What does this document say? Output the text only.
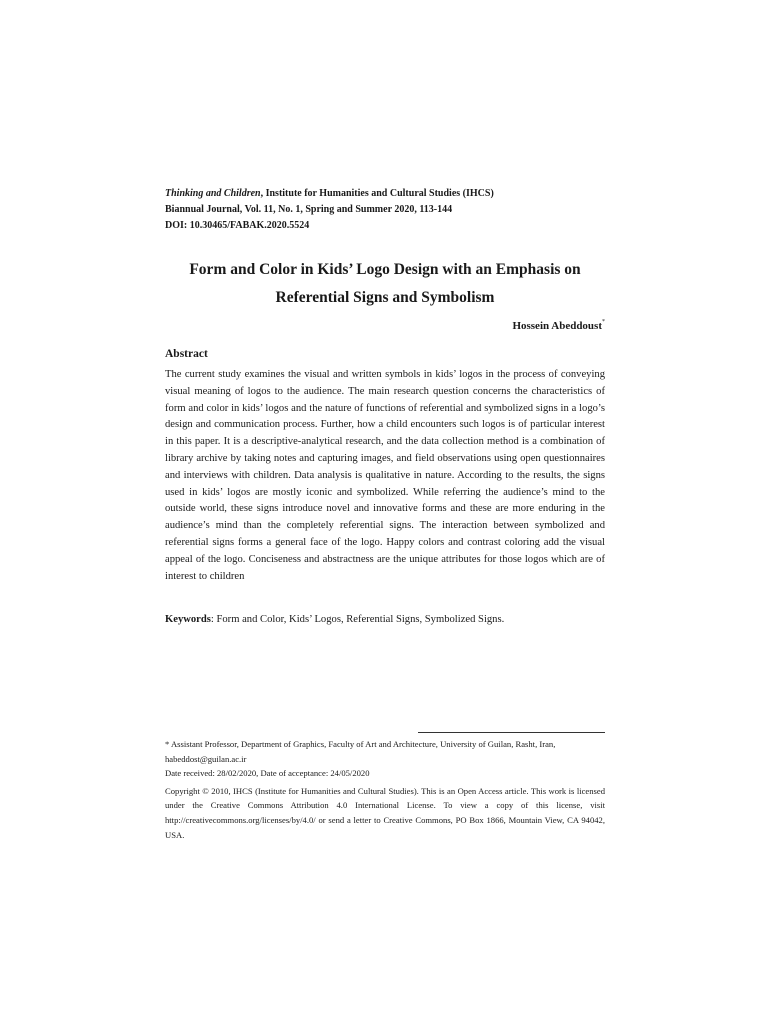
Thinking and Children, Institute for Humanities and Cultural Studies (IHCS)
Biannual Journal, Vol. 11, No. 1, Spring and Summer 2020, 113-144
DOI: 10.30465/FABAK.2020.5524
Form and Color in Kids’ Logo Design with an Emphasis on Referential Signs and Symbolism
Hossein Abeddoust*
Abstract
The current study examines the visual and written symbols in kids’ logos in the process of conveying visual meaning of logos to the audience. The main research question concerns the characteristics of form and color in kids’ logos and the nature of functions of referential and symbolized signs in a logo’s design and communication process. Further, how a child encounters such logos is of particular interest in this paper. It is a descriptive-analytical research, and the data collection method is a combination of library archive by taking notes and capturing images, and field observations using open questionnaires and interviews with children. Data analysis is qualitative in nature. According to the results, the signs used in kids’ logos are mostly iconic and symbolized. While referring the audience’s mind to the outside world, these signs introduce novel and innovative forms and these are more enduring in the audience’s mind than the completely referential signs. The interaction between symbolized and referential signs forms a general face of the logo. Happy colors and contrast coloring add the visual appeal of the logo. Conciseness and abstractness are the unique attributes for those logos which are of interest to children
Keywords: Form and Color, Kids’ Logos, Referential Signs, Symbolized Signs.
* Assistant Professor, Department of Graphics, Faculty of Art and Architecture, University of Guilan, Rasht, Iran, habeddost@guilan.ac.ir
Date received: 28/02/2020, Date of acceptance: 24/05/2020
Copyright © 2010, IHCS (Institute for Humanities and Cultural Studies). This is an Open Access article. This work is licensed under the Creative Commons Attribution 4.0 International License. To view a copy of this license, visit http://creativecommons.org/licenses/by/4.0/ or send a letter to Creative Commons, PO Box 1866, Mountain View, CA 94042, USA.
